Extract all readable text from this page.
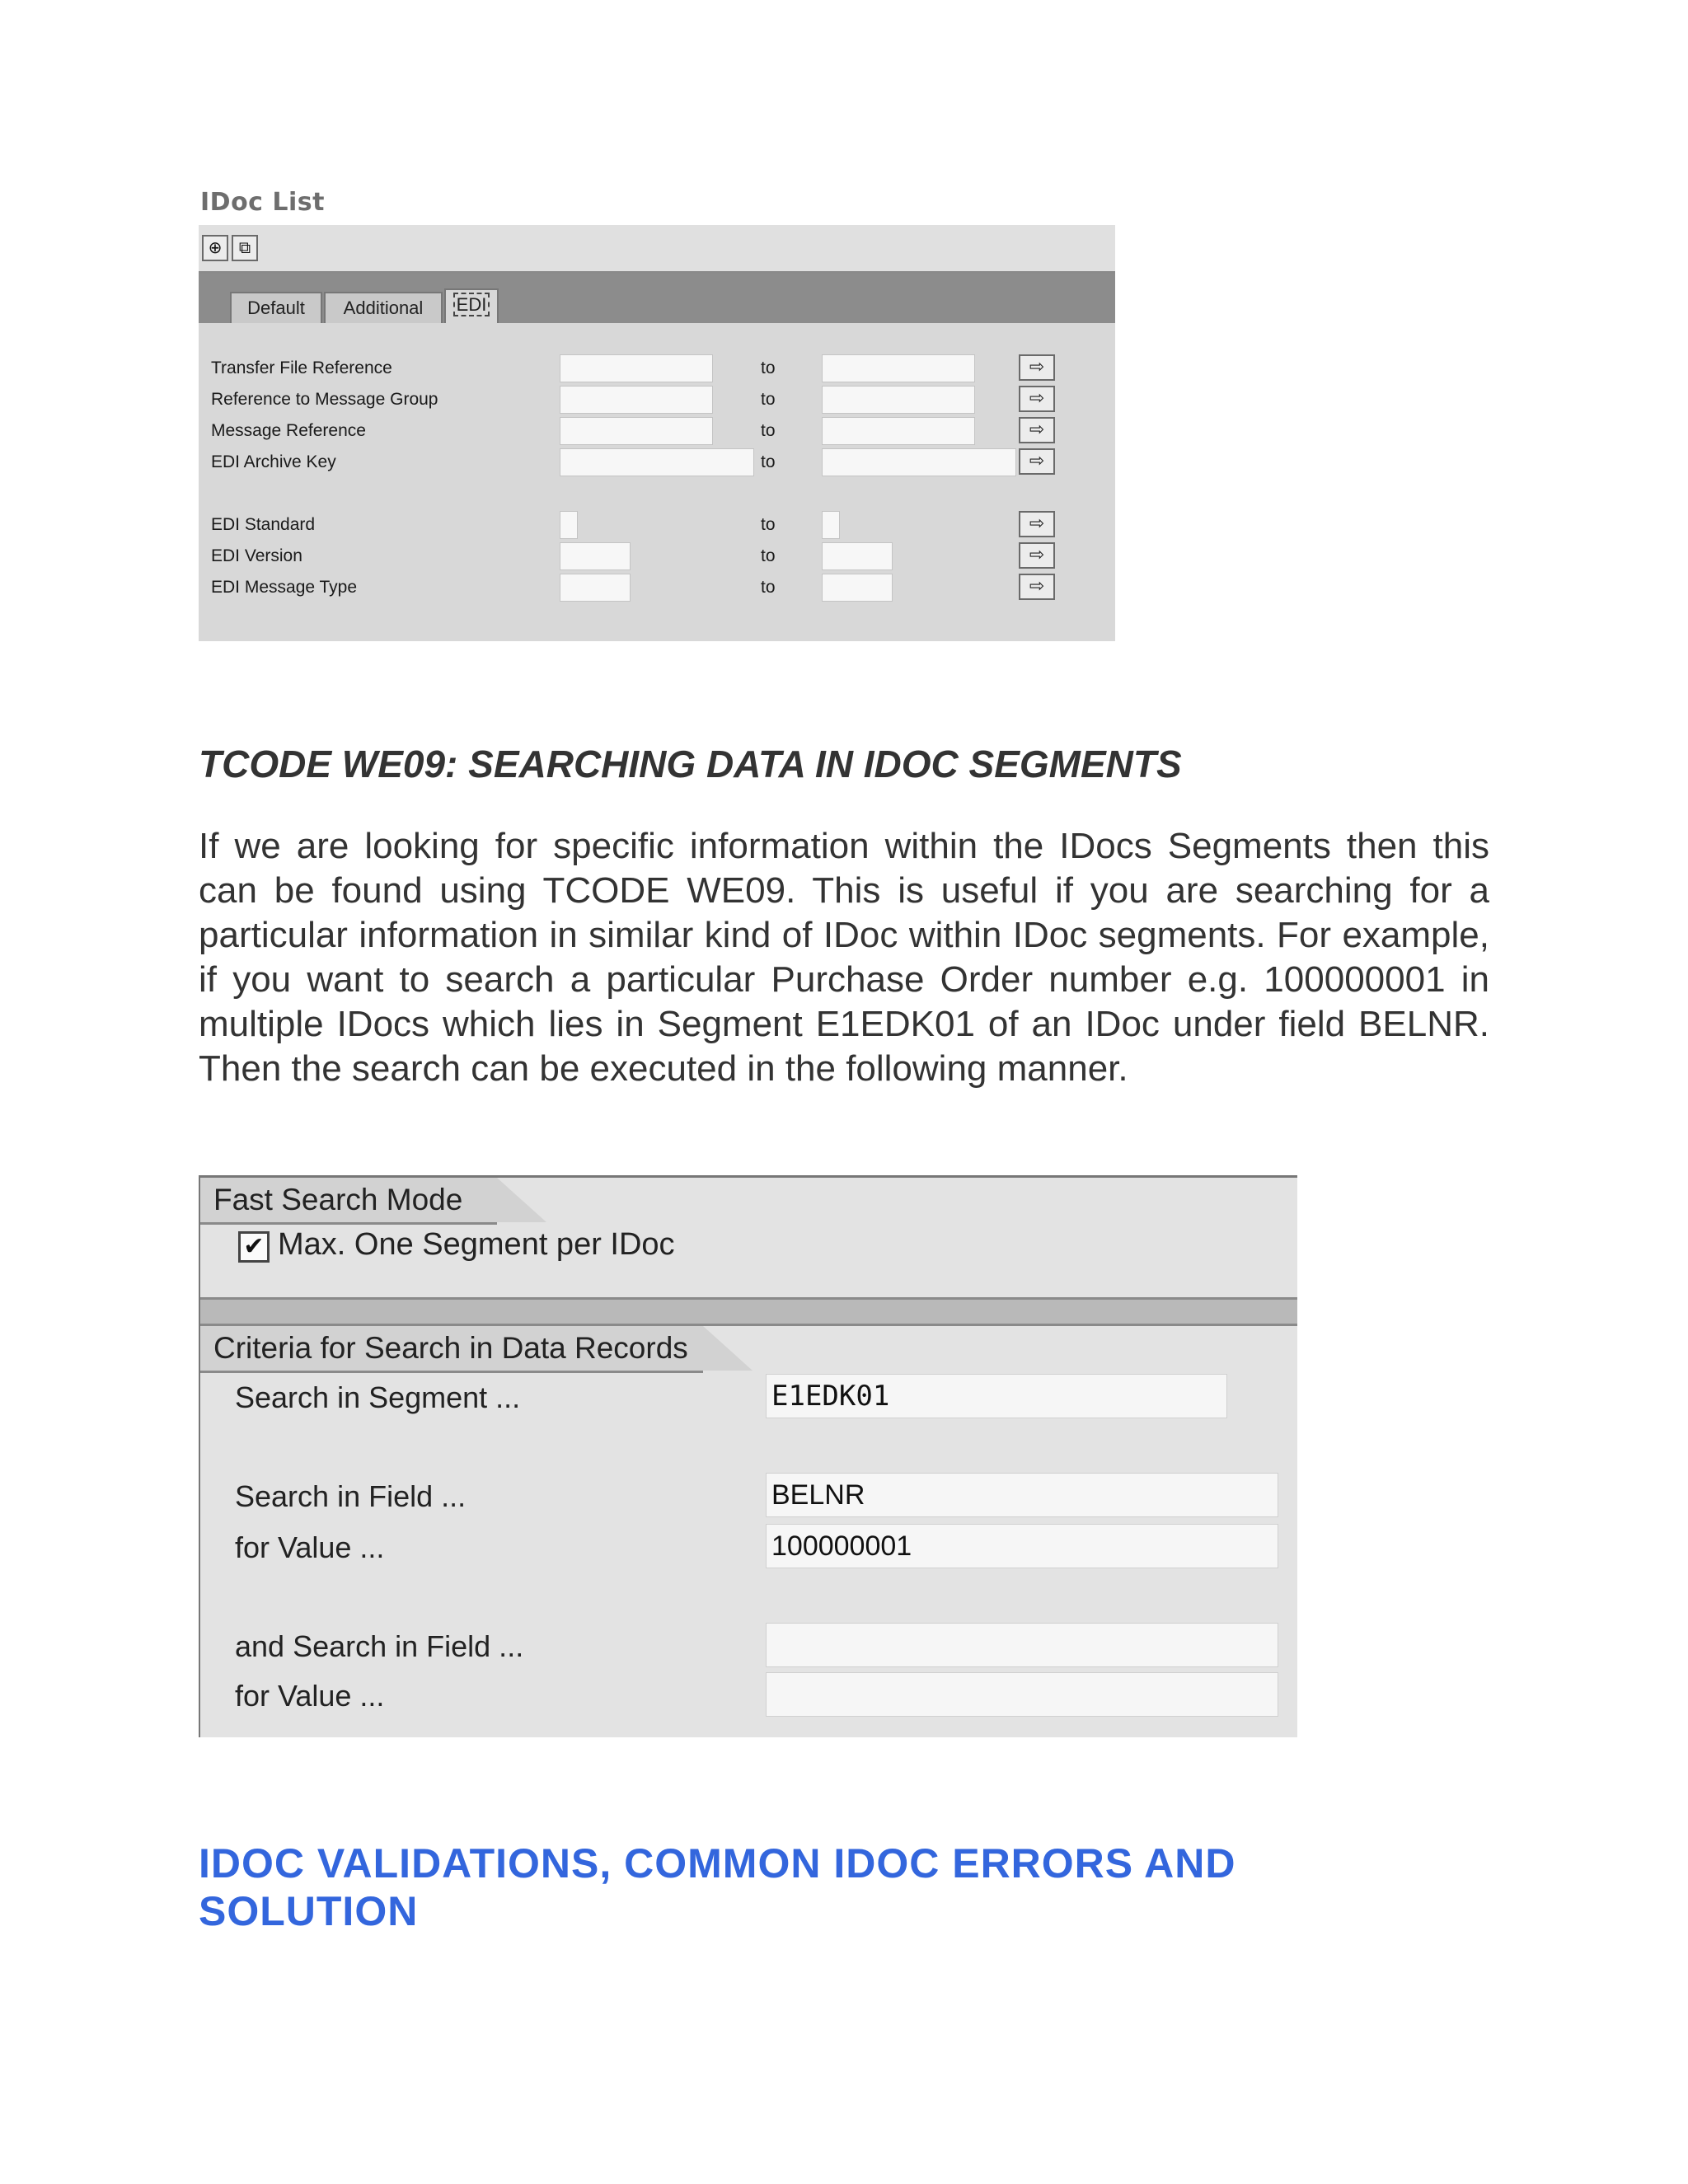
IDoc List
⊕	⧉
Default	Additional	EDI
Transfer File Reference	to	⇨
Reference to Message Group	to	⇨
Message Reference	to	⇨
EDI Archive Key	to	⇨
EDI Standard	to	⇨
EDI Version	to	⇨
EDI Message Type	to	⇨
TCODE WE09: SEARCHING DATA IN IDOC SEGMENTS

If we are looking for specific information within the IDocs Segments then this can be found using TCODE WE09. This is useful if you are searching for a particular information in similar kind of IDoc within IDoc segments. For example, if you want to search a particular Purchase Order number e.g. 100000001 in multiple IDocs which lies in Segment E1EDK01 of an IDoc under field BELNR. Then the search can be executed in the following manner.

Fast Search Mode
✔ Max. One Segment per IDoc
Criteria for Search in Data Records
Search in Segment ...	E1EDK01
Search in Field ...	BELNR
for Value ...	100000001
and Search in Field ...
for Value ...
IDOC VALIDATIONS, COMMON IDOC ERRORS AND SOLUTION
